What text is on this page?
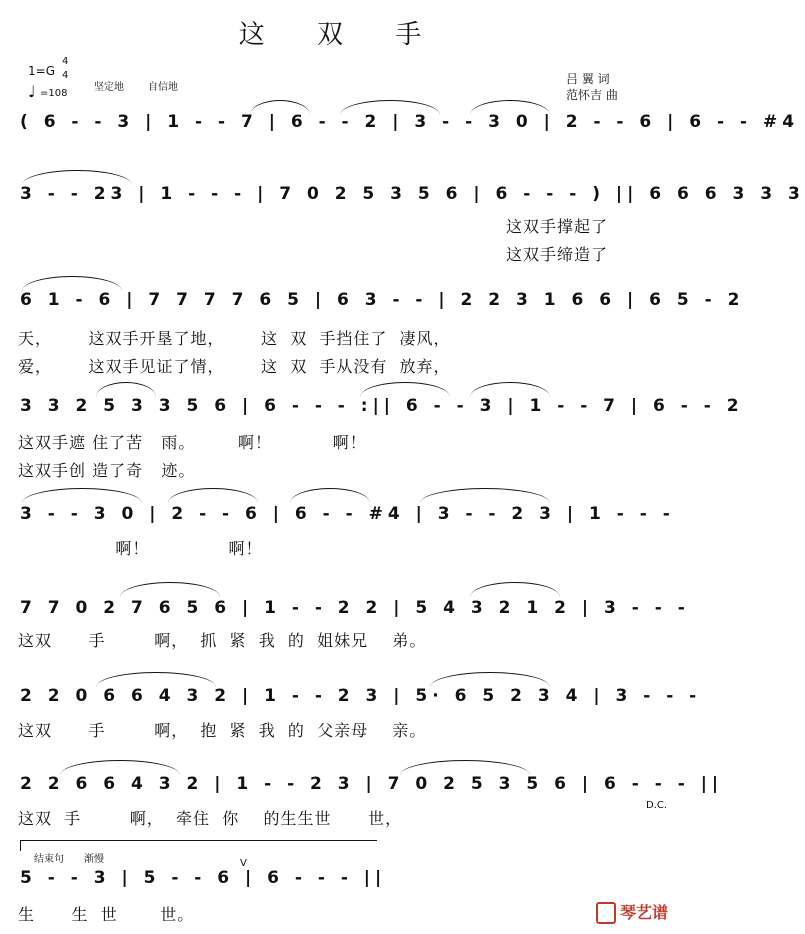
这 双 手
1=G
4
4
♩ =108
坚定地 自信地
吕 翼 词
范怀吉 曲
( 6 - - 3 | 1 - - 7 | 6 - - 2 | 3 - - 3 0 | 2 - - 6 | 6 - - #4
3 - - 23 | 1 - - - | 7 0 2 5 3 5 6 | 6 - - - ) || 6 6 6 3 3 3
这双手撑起了
这双手缔造了
6 1 - 6 | 7 7 7 7 6 5 | 6 3 - - | 2 2 3 1 6 6 | 6 5 - 2
天，      这双手开垦了地，      这  双  手挡住了  凄风，
爱，      这双手见证了情，      这  双  手从没有  放弃，
3 3 2 5 3 3 5 6 | 6 - - - :|| 6 - - 3 | 1 - - 7 | 6 - - 2
这双手遮 住了苦   雨。       啊！          啊！
这双手创 造了奇   迹。
3 - - 3 0 | 2 - - 6 | 6 - - #4 | 3 - - 2 3 | 1 - - -
啊！             啊！
7 7 0 2 7 6 5 6 | 1 - - 2 2 | 5 4 3 2 1 2 | 3 - - -
这双      手        啊，  抓  紧  我  的  姐妹兄    弟。
2 2 0 6 6 4 3 2 | 1 - - 2 3 | 5· 6 5 2 3 4 | 3 - - -
这双      手        啊，  抱  紧  我  的  父亲母    亲。
2 2 6 6 4 3 2 | 1 - - 2 3 | 7 0 2 5 3 5 6 | 6 - - - ||
D.C.
这双  手        啊，  牵住  你    的生生世      世，
结束句 渐慢	V
5 - - 3 | 5 - - 6 | 6 - - - ||
生      生  世       世。	琴艺谱
